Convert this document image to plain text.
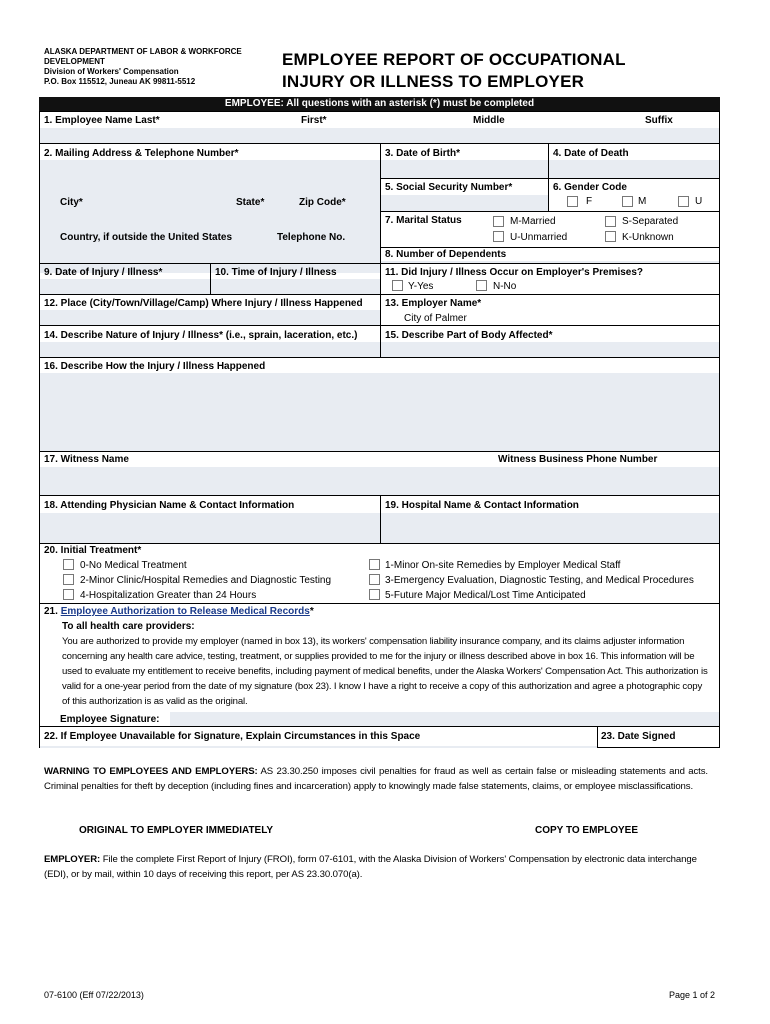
ALASKA DEPARTMENT OF LABOR & WORKFORCE
DEVELOPMENT
Division of Workers' Compensation
P.O. Box 115512, Juneau AK 99811-5512
EMPLOYEE REPORT OF OCCUPATIONAL
INJURY OR ILLNESS TO EMPLOYER
EMPLOYEE: All questions with an asterisk (*) must be completed
1. Employee Name Last*	First*	Middle	Suffix
2. Mailing Address & Telephone Number*
City*	State*	Zip Code*
Country, if outside the United States	Telephone No.
3. Date of Birth*	4. Date of Death
5. Social Security Number*	6. Gender Code
F	M	U
7. Marital Status	M-Married	S-Separated
U-Unmarried	K-Unknown
8. Number of Dependents
9. Date of Injury / Illness*	10. Time of Injury / Illness	11. Did Injury / Illness Occur on Employer's Premises?
Y-Yes	N-No
12. Place (City/Town/Village/Camp) Where Injury / Illness Happened 13. Employer Name*
City of Palmer
14. Describe Nature of Injury / Illness* (i.e., sprain, laceration, etc.)	15. Describe Part of Body Affected*
16. Describe How the Injury / Illness Happened
17. Witness Name	Witness Business Phone Number
18. Attending Physician Name & Contact Information	19. Hospital Name & Contact Information
20. Initial Treatment*
0-No Medical Treatment
2-Minor Clinic/Hospital Remedies and Diagnostic Testing
4-Hospitalization Greater than 24 Hours
1-Minor On-site Remedies by Employer Medical Staff
3-Emergency Evaluation, Diagnostic Testing, and Medical Procedures
5-Future Major Medical/Lost Time Anticipated
21. Employee Authorization to Release Medical Records*
To all health care providers:
You are authorized to provide my employer (named in box 13), its workers' compensation liability insurance company, and its claims adjuster information concerning any health care advice, testing, treatment, or supplies provided to me for the injury or illness described above in box 16. This information will be used to evaluate my entitlement to receive benefits, including payment of medical benefits, under the Alaska Workers' Compensation Act. This authorization is valid for a one-year period from the date of my signature (box 23). I know I have a right to receive a copy of this authorization and agree a photographic copy of this authorization is as valid as the original.
Employee Signature:
22. If Employee Unavailable for Signature, Explain Circumstances in this Space	23. Date Signed
WARNING TO EMPLOYEES AND EMPLOYERS: AS 23.30.250 imposes civil penalties for fraud as well as certain false or misleading statements and acts. Criminal penalties for theft by deception (including fines and incarceration) apply to knowingly made false statements, claims, or employee misclassifications.
ORIGINAL TO EMPLOYER IMMEDIATELY	COPY TO EMPLOYEE
EMPLOYER: File the complete First Report of Injury (FROI), form 07-6101, with the Alaska Division of Workers' Compensation by electronic data interchange (EDI), or by mail, within 10 days of receiving this report, per AS 23.30.070(a).
07-6100 (Eff 07/22/2013)	Page 1 of 2
